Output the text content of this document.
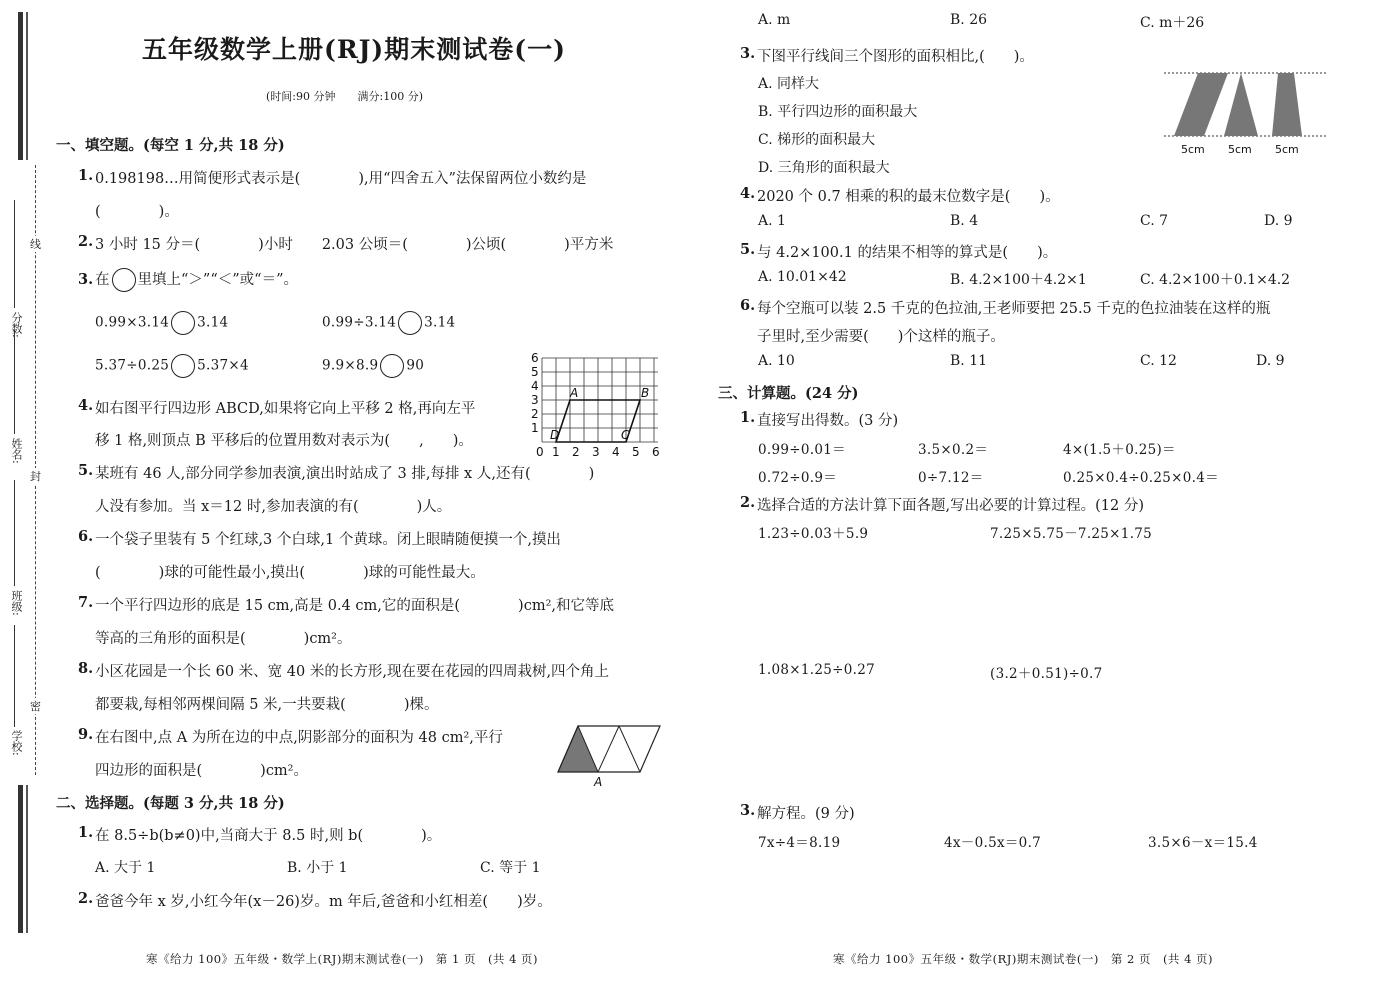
分数:
姓名:
班级:
学校:
线
封
密
五年级数学上册(RJ)期末测试卷(一)
(时间:90 分钟　　满分:100 分)
一、填空题。(每空 1 分,共 18 分)
1. 0.198198…用简便形式表示是(　　　　),用“四舍五入”法保留两位小数约是
(　　　　)。
2. 3 小时 15 分＝(　　　　)小时　　2.03 公顷＝(　　　　)公顷(　　　　)平方米
3. 在 里填上“＞”“＜”或“＝”。
0.99×3.14 3.14	0.99÷3.14 3.14
5.37÷0.25 5.37×4	9.9×8.9 90
4. 如右图平行四边形 ABCD,如果将它向上平移 2 格,再向左平
移 1 格,则顶点 B 平移后的位置用数对表示为(　　,　　)。
6
5
4
3
2
1
0 1 2 3 4 5 6
A	B
D	C
5. 某班有 46 人,部分同学参加表演,演出时站成了 3 排,每排 x 人,还有(　　　　)
人没有参加。当 x＝12 时,参加表演的有(　　　　)人。
6. 一个袋子里装有 5 个红球,3 个白球,1 个黄球。闭上眼睛随便摸一个,摸出
(　　　　)球的可能性最小,摸出(　　　　)球的可能性最大。
7. 一个平行四边形的底是 15 cm,高是 0.4 cm,它的面积是(　　　　)cm²,和它等底
等高的三角形的面积是(　　　　)cm²。
8. 小区花园是一个长 60 米、宽 40 米的长方形,现在要在花园的四周栽树,四个角上
都要栽,每相邻两棵间隔 5 米,一共要栽(　　　　)棵。
9. 在右图中,点 A 为所在边的中点,阴影部分的面积为 48 cm²,平行
四边形的面积是(　　　　)cm²。
A
二、选择题。(每题 3 分,共 18 分)
1. 在 8.5÷b(b≠0)中,当商大于 8.5 时,则 b(　　　　)。
A. 大于 1	B. 小于 1	C. 等于 1
2. 爸爸今年 x 岁,小红今年(x－26)岁。m 年后,爸爸和小红相差(　　)岁。
寒《给力 100》五年级・数学上(RJ)期末测试卷(一)　第 1 页　(共 4 页)
A. m	B. 26	C. m＋26
3. 下图平行线间三个图形的面积相比,(　　)。
A. 同样大
B. 平行四边形的面积最大
C. 梯形的面积最大
D. 三角形的面积最大
5cm 5cm 5cm
4. 2020 个 0.7 相乘的积的最末位数字是(　　)。
A. 1	B. 4	C. 7	D. 9
5. 与 4.2×100.1 的结果不相等的算式是(　　)。
A. 10.01×42	B. 4.2×100＋4.2×1	C. 4.2×100＋0.1×4.2
6. 每个空瓶可以装 2.5 千克的色拉油,王老师要把 25.5 千克的色拉油装在这样的瓶
子里时,至少需要(　　)个这样的瓶子。
A. 10	B. 11	C. 12	D. 9
三、计算题。(24 分)
1. 直接写出得数。(3 分)
0.99÷0.01＝	3.5×0.2＝	4×(1.5＋0.25)＝
0.72÷0.9＝	0÷7.12＝	0.25×0.4÷0.25×0.4＝
2. 选择合适的方法计算下面各题,写出必要的计算过程。(12 分)
1.23÷0.03＋5.9	7.25×5.75－7.25×1.75
1.08×1.25÷0.27	(3.2＋0.51)÷0.7
3. 解方程。(9 分)
7x÷4＝8.19	4x－0.5x＝0.7	3.5×6－x＝15.4
寒《给力 100》五年级・数学(RJ)期末测试卷(一)　第 2 页　(共 4 页)
